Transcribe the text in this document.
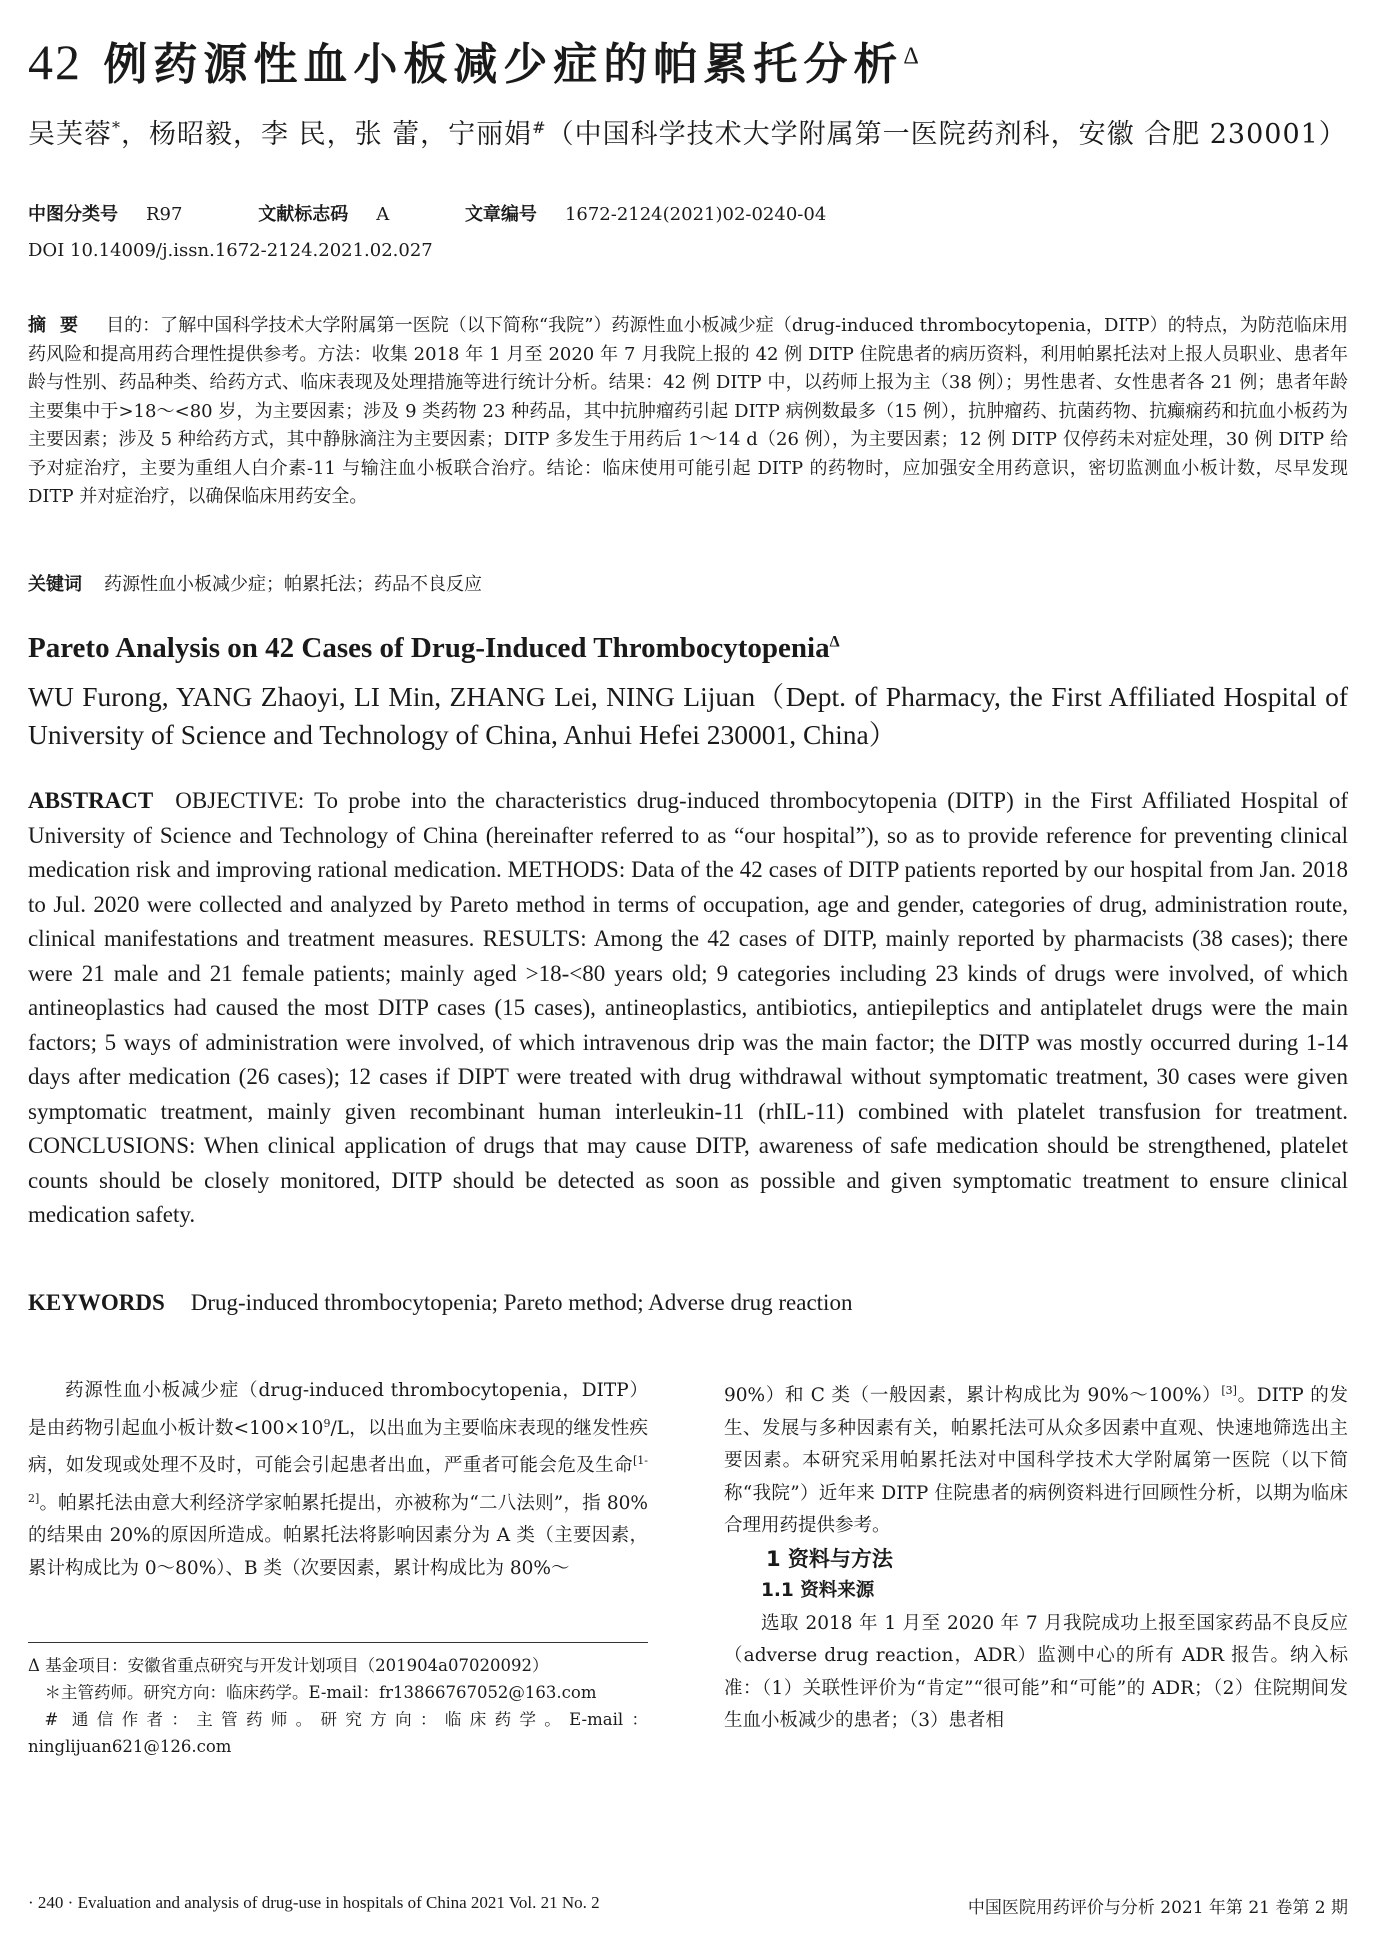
42 例药源性血小板减少症的帕累托分析$^\Delta$
吴芙蓉*，杨昭毅，李 民，张 蕾，宁丽娟#（中国科学技术大学附属第一医院药剂科，安徽 合肥 230001）
中图分类号 R97	文献标志码 A	文章编号 1672-2124(2021)02-0240-04
DOI 10.14009/j.issn.1672-2124.2021.02.027
摘要 目的：了解中国科学技术大学附属第一医院（以下简称“我院”）药源性血小板减少症（drug-induced thrombocytopenia，DITP）的特点，为防范临床用药风险和提高用药合理性提供参考。方法：收集 2018 年 1 月至 2020 年 7 月我院上报的 42 例 DITP 住院患者的病历资料，利用帕累托法对上报人员职业、患者年龄与性别、药品种类、给药方式、临床表现及处理措施等进行统计分析。结果：42 例 DITP 中，以药师上报为主（38 例）；男性患者、女性患者各 21 例；患者年龄主要集中于>18～<80 岁，为主要因素；涉及 9 类药物 23 种药品，其中抗肿瘤药引起 DITP 病例数最多（15 例），抗肿瘤药、抗菌药物、抗癫痫药和抗血小板药为主要因素；涉及 5 种给药方式，其中静脉滴注为主要因素；DITP 多发生于用药后 1～14 d（26 例），为主要因素；12 例 DITP 仅停药未对症处理，30 例 DITP 给予对症治疗，主要为重组人白介素-11 与输注血小板联合治疗。结论：临床使用可能引起 DITP 的药物时，应加强安全用药意识，密切监测血小板计数，尽早发现 DITP 并对症治疗，以确保临床用药安全。
关键词 药源性血小板减少症；帕累托法；药品不良反应
Pareto Analysis on 42 Cases of Drug-Induced Thrombocytopenia$^\Delta$
WU Furong, YANG Zhaoyi, LI Min, ZHANG Lei, NING Lijuan（Dept. of Pharmacy, the First Affiliated Hospital of University of Science and Technology of China, Anhui Hefei 230001, China）
ABSTRACT OBJECTIVE: To probe into the characteristics drug-induced thrombocytopenia (DITP) in the First Affiliated Hospital of University of Science and Technology of China (hereinafter referred to as “our hospital”), so as to provide reference for preventing clinical medication risk and improving rational medication. METHODS: Data of the 42 cases of DITP patients reported by our hospital from Jan. 2018 to Jul. 2020 were collected and analyzed by Pareto method in terms of occupation, age and gender, categories of drug, administration route, clinical manifestations and treatment measures. RESULTS: Among the 42 cases of DITP, mainly reported by pharmacists (38 cases); there were 21 male and 21 female patients; mainly aged >18-<80 years old; 9 categories including 23 kinds of drugs were involved, of which antineoplastics had caused the most DITP cases (15 cases), antineoplastics, antibiotics, antiepileptics and antiplatelet drugs were the main factors; 5 ways of administration were involved, of which intravenous drip was the main factor; the DITP was mostly occurred during 1-14 days after medication (26 cases); 12 cases if DIPT were treated with drug withdrawal without symptomatic treatment, 30 cases were given symptomatic treatment, mainly given recombinant human interleukin-11 (rhIL-11) combined with platelet transfusion for treatment. CONCLUSIONS: When clinical application of drugs that may cause DITP, awareness of safe medication should be strengthened, platelet counts should be closely monitored, DITP should be detected as soon as possible and given symptomatic treatment to ensure clinical medication safety.
KEYWORDS Drug-induced thrombocytopenia; Pareto method; Adverse drug reaction

药源性血小板减少症（drug-induced thrombocytopenia，DITP）是由药物引起血小板计数$<100\times 10^9/L$，以出血为主要临床表现的继发性疾病，如发现或处理不及时，可能会引起患者出血，严重者可能会危及生命[1-2]。帕累托法由意大利经济学家帕累托提出，亦被称为“二八法则”，指 80%的结果由 20%的原因所造成。帕累托法将影响因素分为 A 类（主要因素，累计构成比为 0～80%）、B 类（次要因素，累计构成比为 80%～

Δ 基金项目：安徽省重点研究与开发计划项目（201904a07020092）

＊主管药师。研究方向：临床药学。E-mail：fr13866767052@163.com

# 通信作者：主管药师。研究方向：临床药学。E-mail：ninglijuan621@126.com

90%）和 C 类（一般因素，累计构成比为 90%～100%）[3]。DITP 的发生、发展与多种因素有关，帕累托法可从众多因素中直观、快速地筛选出主要因素。本研究采用帕累托法对中国科学技术大学附属第一医院（以下简称“我院”）近年来 DITP 住院患者的病例资料进行回顾性分析，以期为临床合理用药提供参考。

1 资料与方法

1.1 资料来源

选取 2018 年 1 月至 2020 年 7 月我院成功上报至国家药品不良反应（adverse drug reaction，ADR）监测中心的所有 ADR 报告。纳入标准：（1）关联性评价为“肯定”“很可能”和“可能”的 ADR；（2）住院期间发生血小板减少的患者；（3）患者相

· 240 · Evaluation and analysis of drug-use in hospitals of China 2021 Vol. 21 No. 2	中国医院用药评价与分析 2021 年第 21 卷第 2 期
